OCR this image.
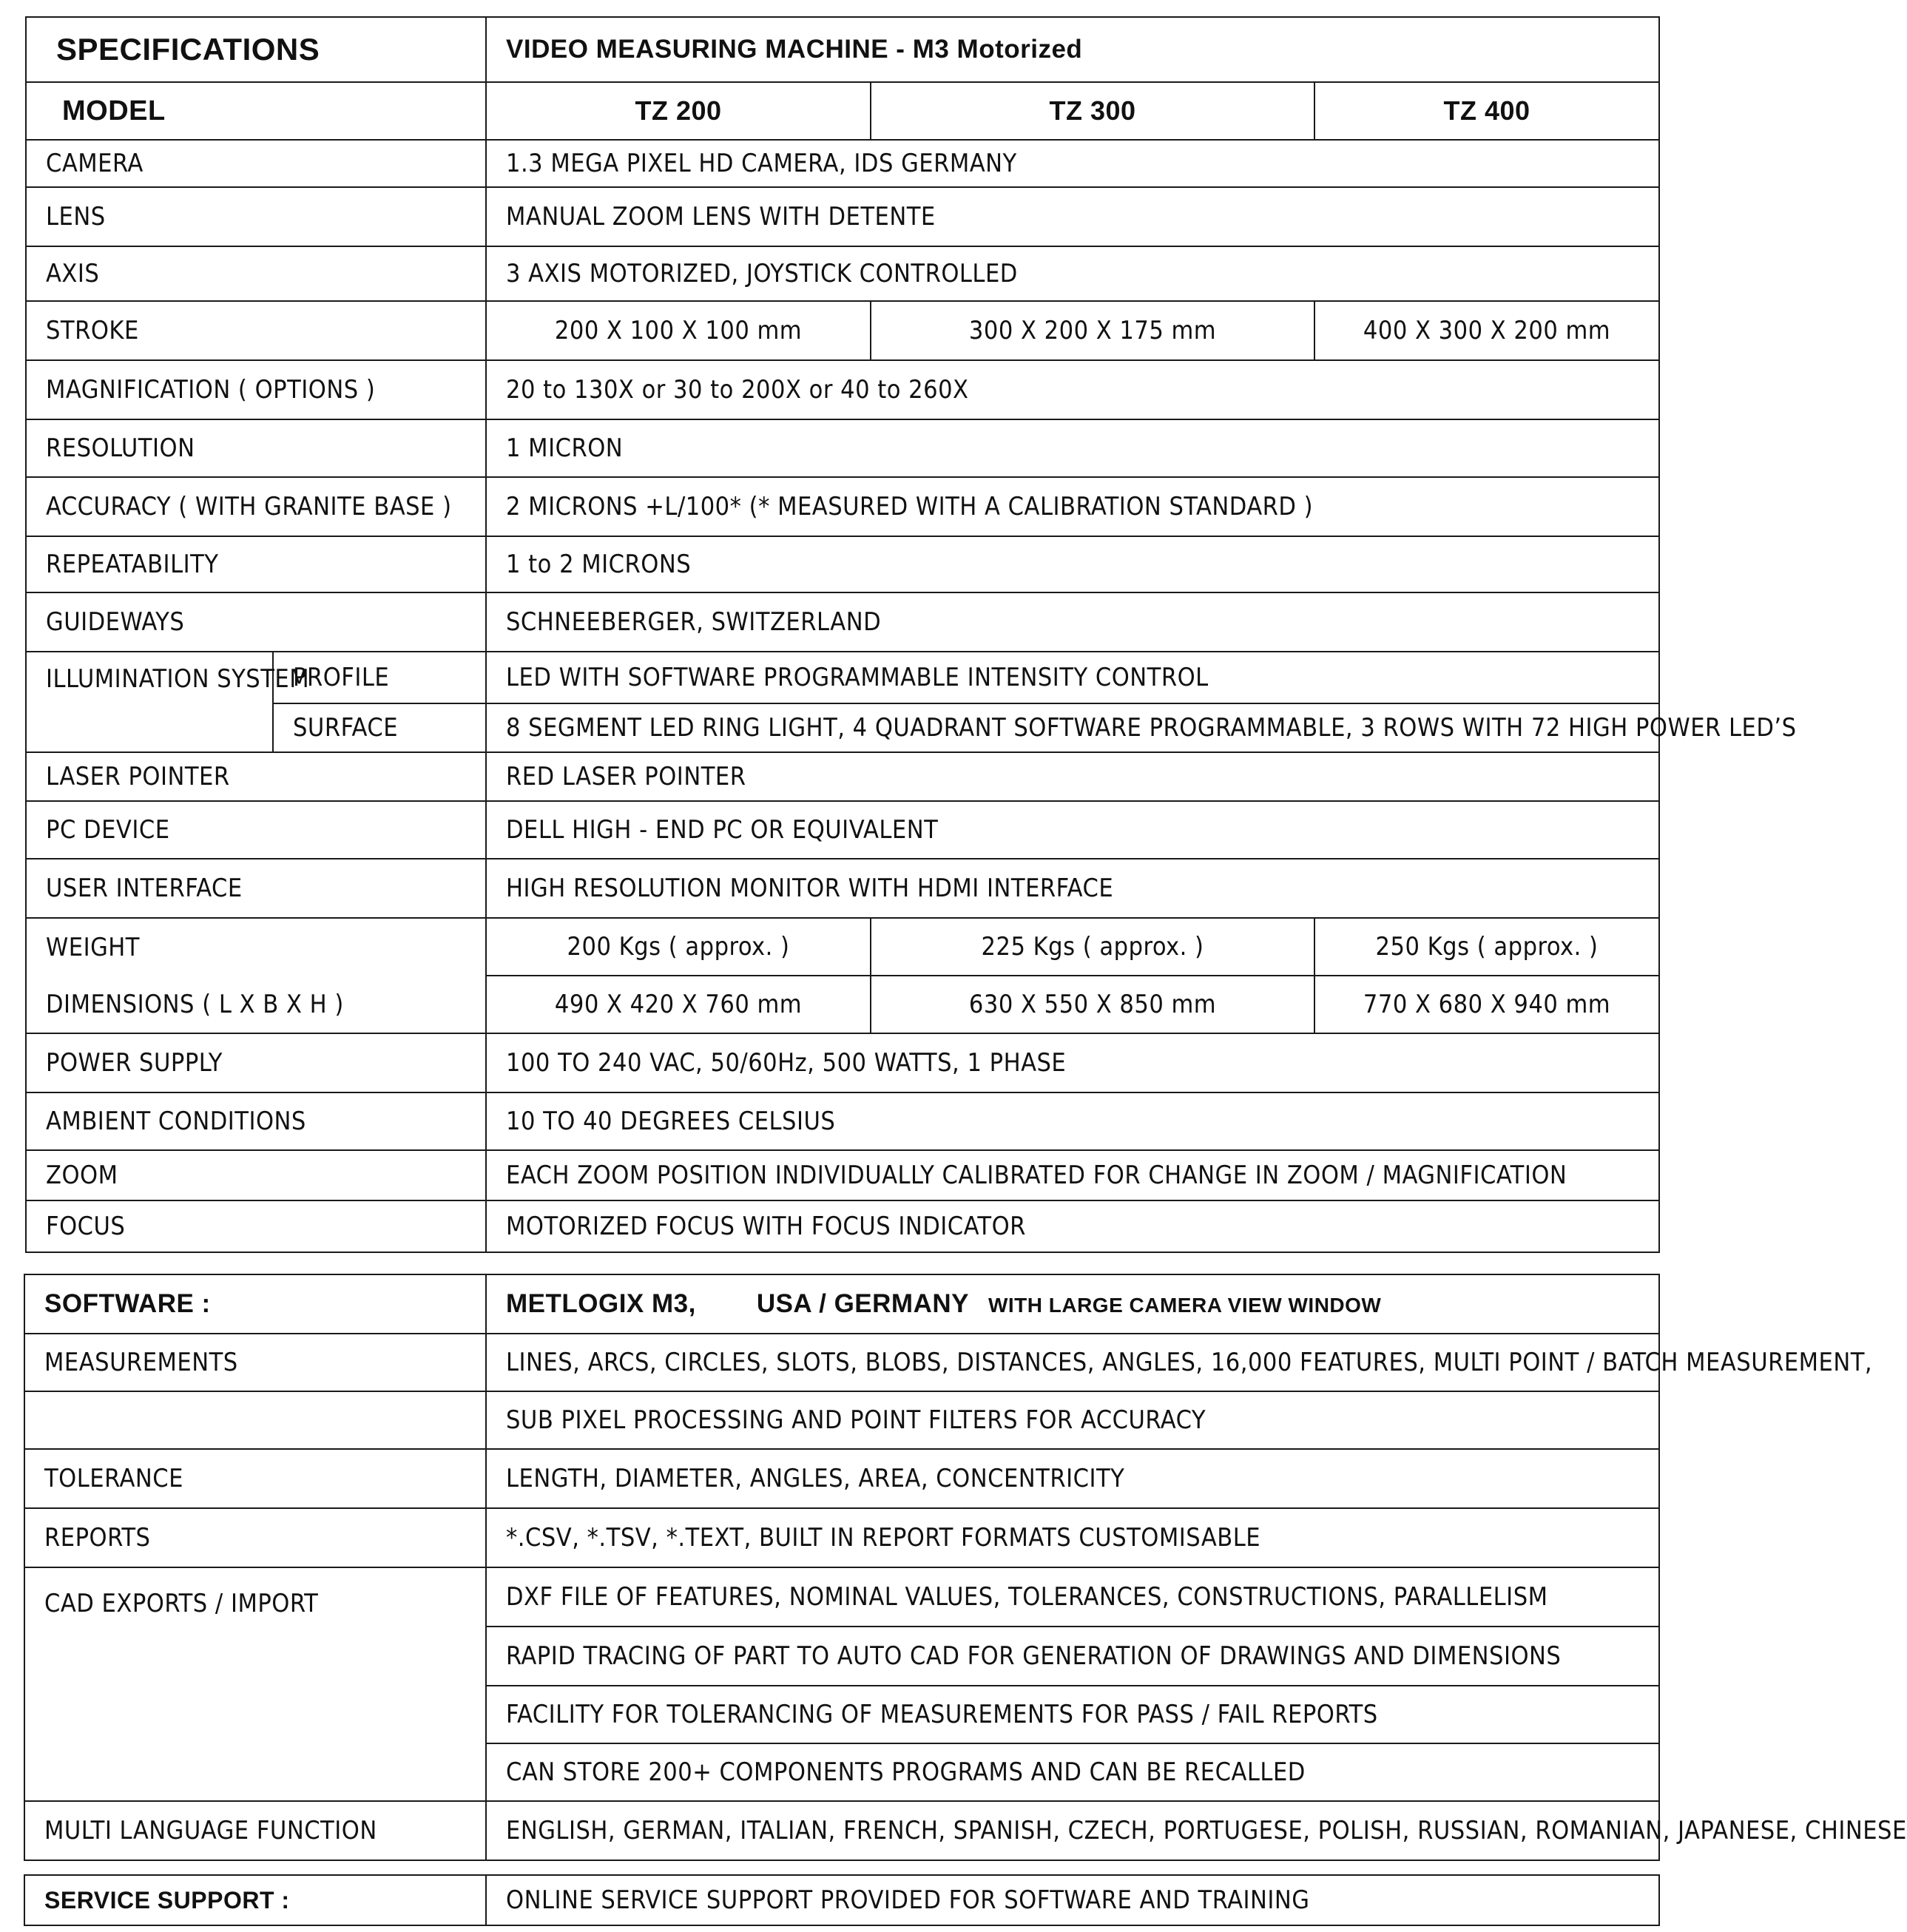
SPECIFICATIONS		VIDEO MEASURING MACHINE - M3 Motorized		
MODEL		TZ 200	TZ 300	TZ 400
CAMERA		1.3 MEGA PIXEL HD CAMERA, IDS GERMANY		
LENS		MANUAL ZOOM LENS WITH DETENTE		
AXIS		3 AXIS MOTORIZED, JOYSTICK CONTROLLED		
STROKE		200 X 100 X 100 mm	300 X 200 X 175 mm	400 X 300 X 200 mm
MAGNIFICATION ( OPTIONS )		20 to 130X or 30 to 200X or 40 to 260X		
RESOLUTION		1 MICRON		
ACCURACY ( WITH GRANITE BASE )		2 MICRONS +L/100* (* MEASURED WITH A CALIBRATION STANDARD )		
REPEATABILITY		1 to 2 MICRONS		
GUIDEWAYS		SCHNEEBERGER, SWITZERLAND		
ILLUMINATION SYSTEM	PROFILE	LED WITH SOFTWARE PROGRAMMABLE INTENSITY CONTROL		
	SURFACE	8 SEGMENT LED RING LIGHT, 4 QUADRANT SOFTWARE PROGRAMMABLE, 3 ROWS WITH 72 HIGH POWER LED’S		
LASER POINTER		RED LASER POINTER		
PC DEVICE		DELL HIGH - END PC OR EQUIVALENT		
USER INTERFACE		HIGH RESOLUTION MONITOR WITH HDMI INTERFACE		
WEIGHT		200 Kgs ( approx. )	225 Kgs ( approx. )	250 Kgs ( approx. )
DIMENSIONS ( L X B X H )		490 X 420 X 760 mm	630 X 550 X 850 mm	770 X 680 X 940 mm
POWER SUPPLY		100 TO 240 VAC, 50/60Hz, 500 WATTS, 1 PHASE		
AMBIENT CONDITIONS		10 TO 40 DEGREES CELSIUS		
ZOOM		EACH ZOOM POSITION INDIVIDUALLY CALIBRATED FOR CHANGE IN ZOOM / MAGNIFICATION		
FOCUS		MOTORIZED FOCUS WITH FOCUS INDICATOR		
SOFTWARE :	METLOGIX M3, USA / GERMANY WITH LARGE CAMERA VIEW WINDOW
MEASUREMENTS	LINES, ARCS, CIRCLES, SLOTS, BLOBS, DISTANCES, ANGLES, 16,000 FEATURES, MULTI POINT / BATCH MEASUREMENT,
	SUB PIXEL PROCESSING AND POINT FILTERS FOR ACCURACY
TOLERANCE	LENGTH, DIAMETER, ANGLES, AREA, CONCENTRICITY
REPORTS	*.CSV, *.TSV, *.TEXT, BUILT IN REPORT FORMATS CUSTOMISABLE
CAD EXPORTS / IMPORT	DXF FILE OF FEATURES, NOMINAL VALUES, TOLERANCES, CONSTRUCTIONS, PARALLELISM
	RAPID TRACING OF PART TO AUTO CAD FOR GENERATION OF DRAWINGS AND DIMENSIONS
	FACILITY FOR TOLERANCING OF MEASUREMENTS FOR PASS / FAIL REPORTS
	CAN STORE 200+ COMPONENTS PROGRAMS AND CAN BE RECALLED
MULTI LANGUAGE FUNCTION	ENGLISH, GERMAN, ITALIAN, FRENCH, SPANISH, CZECH, PORTUGESE, POLISH, RUSSIAN, ROMANIAN, JAPANESE, CHINESE
SERVICE SUPPORT :	ONLINE SERVICE SUPPORT PROVIDED FOR SOFTWARE AND TRAINING
